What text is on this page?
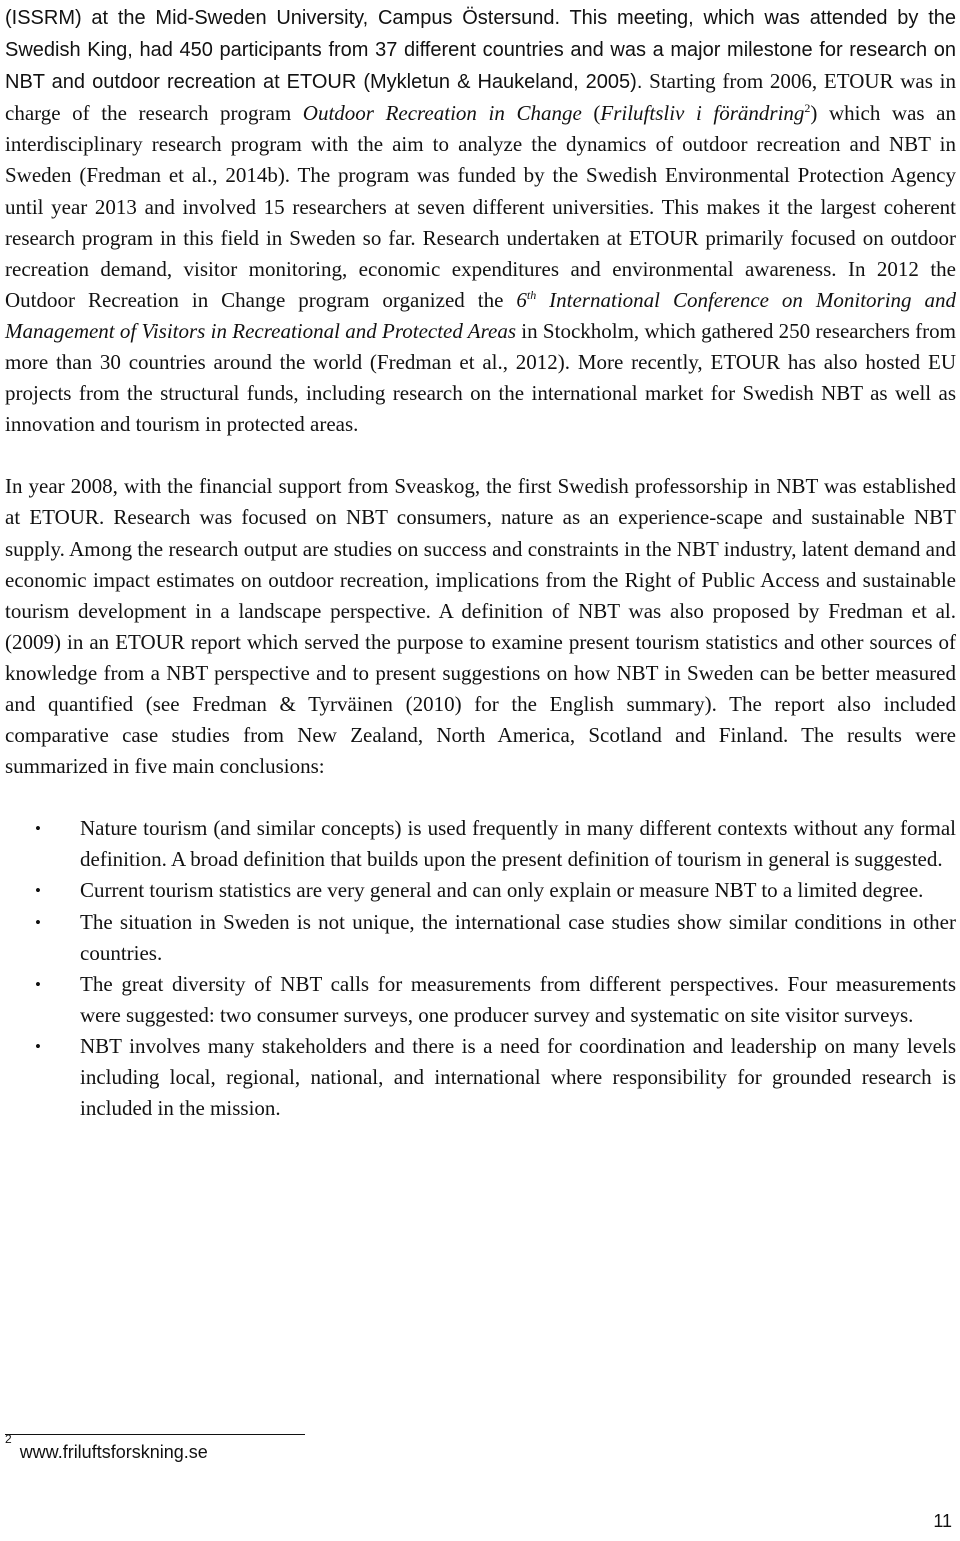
(ISSRM) at the Mid-Sweden University, Campus Östersund. This meeting, which was attended by the Swedish King, had 450 participants from 37 different countries and was a major milestone for research on NBT and outdoor recreation at ETOUR (Mykletun & Haukeland, 2005). Starting from 2006, ETOUR was in charge of the research program Outdoor Recreation in Change (Friluftsliv i förändring$^2$) which was an interdisciplinary research program with the aim to analyze the dynamics of outdoor recreation and NBT in Sweden (Fredman et al., 2014b). The program was funded by the Swedish Environmental Protection Agency until year 2013 and involved 15 researchers at seven different universities. This makes it the largest coherent research program in this field in Sweden so far. Research undertaken at ETOUR primarily focused on outdoor recreation demand, visitor monitoring, economic expenditures and environmental awareness. In 2012 the Outdoor Recreation in Change program organized the 6th International Conference on Monitoring and Management of Visitors in Recreational and Protected Areas in Stockholm, which gathered 250 researchers from more than 30 countries around the world (Fredman et al., 2012). More recently, ETOUR has also hosted EU projects from the structural funds, including research on the international market for Swedish NBT as well as innovation and tourism in protected areas.

In year 2008, with the financial support from Sveaskog, the first Swedish professorship in NBT was established at ETOUR. Research was focused on NBT consumers, nature as an experience-scape and sustainable NBT supply. Among the research output are studies on success and constraints in the NBT industry, latent demand and economic impact estimates on outdoor recreation, implications from the Right of Public Access and sustainable tourism development in a landscape perspective. A definition of NBT was also proposed by Fredman et al. (2009) in an ETOUR report which served the purpose to examine present tourism statistics and other sources of knowledge from a NBT perspective and to present suggestions on how NBT in Sweden can be better measured and quantified (see Fredman & Tyrväinen (2010) for the English summary). The report also included comparative case studies from New Zealand, North America, Scotland and Finland. The results were summarized in five main conclusions:

• Nature tourism (and similar concepts) is used frequently in many different contexts without any formal definition. A broad definition that builds upon the present definition of tourism in general is suggested.
• Current tourism statistics are very general and can only explain or measure NBT to a limited degree.
• The situation in Sweden is not unique, the international case studies show similar conditions in other countries.
• The great diversity of NBT calls for measurements from different perspectives. Four measurements were suggested: two consumer surveys, one producer survey and systematic on site visitor surveys.
• NBT involves many stakeholders and there is a need for coordination and leadership on many levels including local, regional, national, and international where responsibility for grounded research is included in the mission.
$^2$www.friluftsforskning.se
11
